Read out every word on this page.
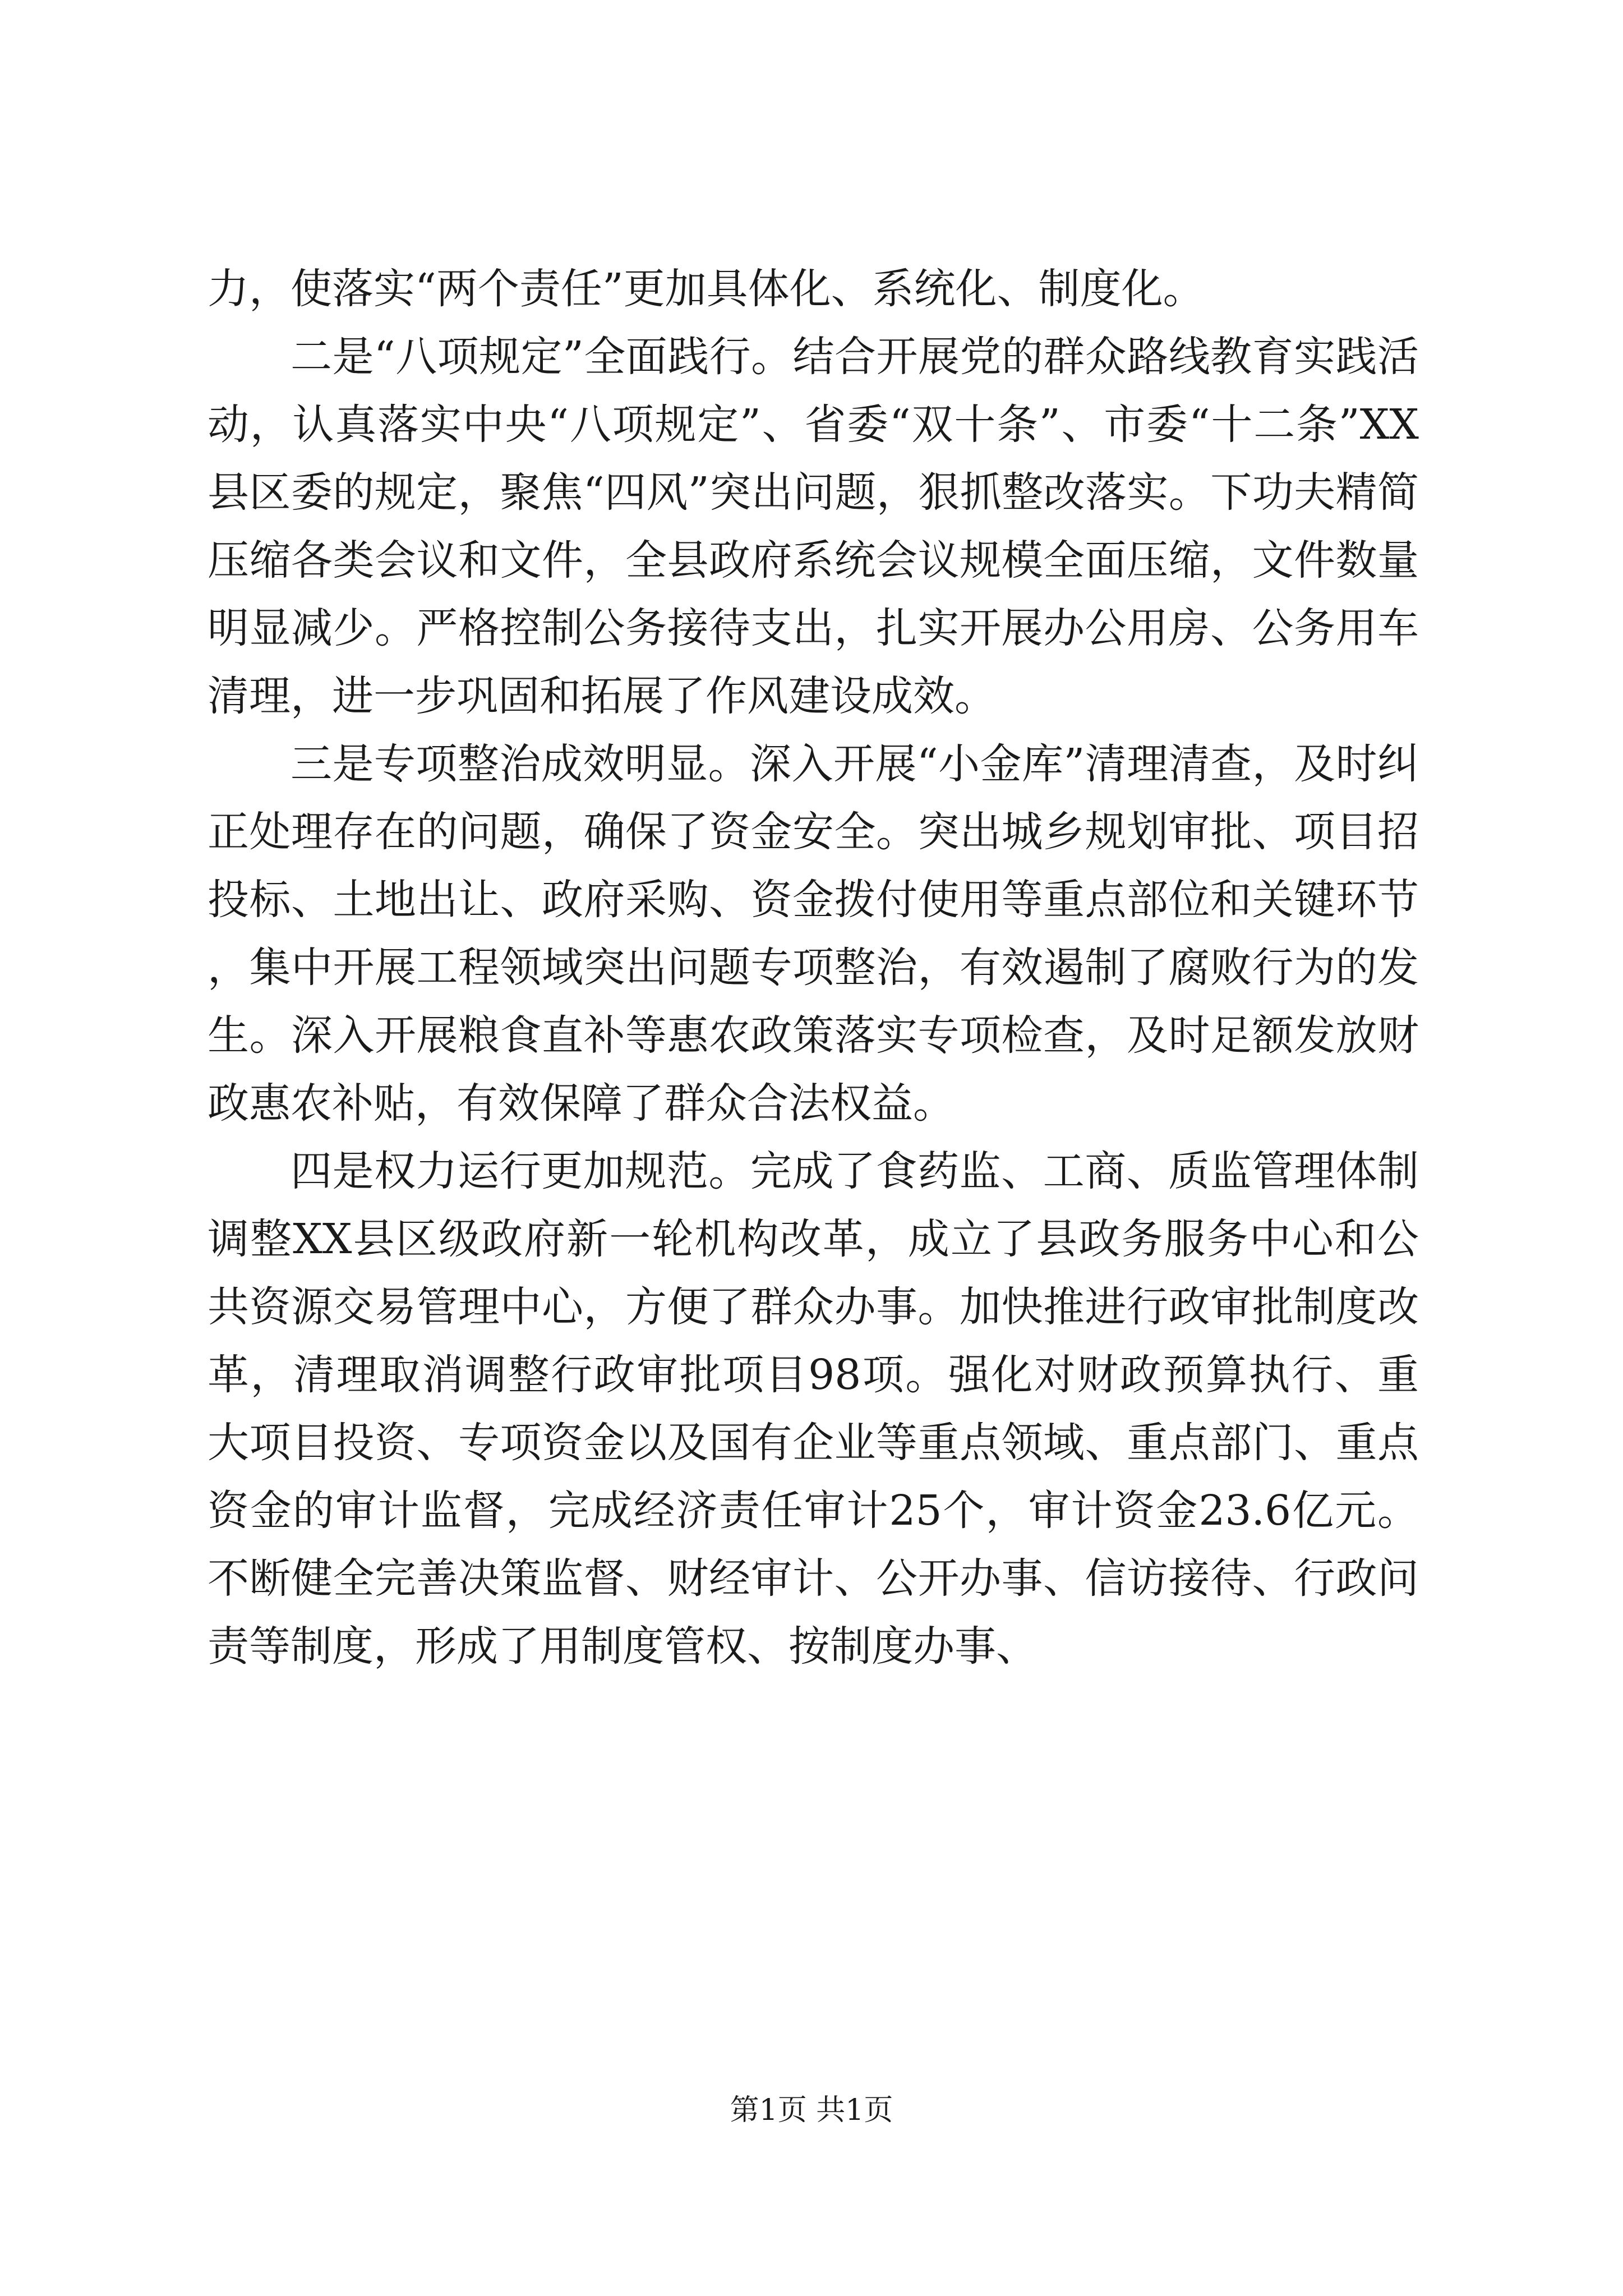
力，使落实“两个责任”更加具体化、系统化、制度化。

二是“八项规定”全面践行。结合开展党的群众路线教育实践活动，认真落实中央“八项规定”、省委“双十条”、市委“十二条”XX县区委的规定，聚焦“四风”突出问题，狠抓整改落实。下功夫精简压缩各类会议和文件，全县政府系统会议规模全面压缩，文件数量明显减少。严格控制公务接待支出，扎实开展办公用房、公务用车清理，进一步巩固和拓展了作风建设成效。

三是专项整治成效明显。深入开展“小金库”清理清查，及时纠正处理存在的问题，确保了资金安全。突出城乡规划审批、项目招投标、土地出让、政府采购、资金拨付使用等重点部位和关键环节，集中开展工程领域突出问题专项整治，有效遏制了腐败行为的发生。深入开展粮食直补等惠农政策落实专项检查，及时足额发放财政惠农补贴，有效保障了群众合法权益。

四是权力运行更加规范。完成了食药监、工商、质监管理体制调整XX县区级政府新一轮机构改革，成立了县政务服务中心和公共资源交易管理中心，方便了群众办事。加快推进行政审批制度改革，清理取消调整行政审批项目98项。强化对财政预算执行、重大项目投资、专项资金以及国有企业等重点领域、重点部门、重点资金的审计监督，完成经济责任审计25个，审计资金23.6亿元。不断健全完善决策监督、财经审计、公开办事、信访接待、行政问责等制度，形成了用制度管权、按制度办事、

第1页 共1页
